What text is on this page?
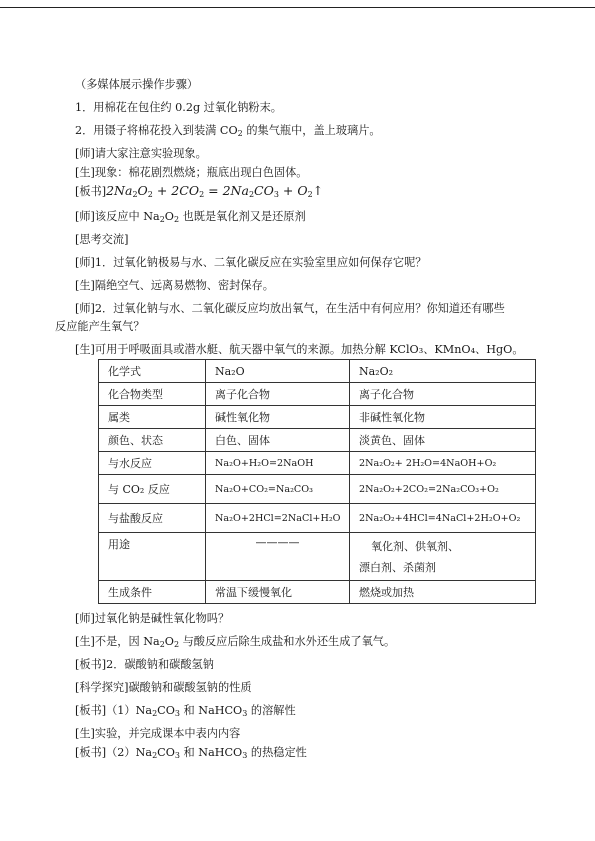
（多媒体展示操作步骤）
1．用棉花在包住约 0.2g 过氧化钠粉末。
2．用镊子将棉花投入到装满 $CO_2$ 的集气瓶中，盖上玻璃片。
[师]请大家注意实验现象。
[生]现象：棉花剧烈燃烧；瓶底出现白色固体。
[板书]$2Na_2O_2 + 2CO_2 = 2Na_2CO_3$ + $O_2↑$
[师]该反应中 $Na_2O_2$ 也既是氧化剂又是还原剂
[思考交流]
[师]1．过氧化钠极易与水、二氧化碳反应在实验室里应如何保存它呢？
[生]隔绝空气、远离易燃物、密封保存。
[师]2．过氧化钠与水、二氧化碳反应均放出氧气，在生活中有何应用？你知道还有哪些
反应能产生氧气？
[生]可用于呼吸面具或潜水艇、航天器中氧气的来源。加热分解 KClO₃、KMnO₄、HgO。
化学式	Na₂O	Na₂O₂
化合物类型	离子化合物	离子化合物
属类	碱性氧化物	非碱性氧化物
颜色、状态	白色、固体	淡黄色、固体
与水反应	Na₂O+H₂O=2NaOH	2Na₂O₂+ 2H₂O=4NaOH+O₂
与 CO₂ 反应	Na₂O+CO₂=Na₂CO₃	2Na₂O₂+2CO₂=2Na₂CO₃+O₂
与盐酸反应	Na₂O+2HCl=2NaCl+H₂O	2Na₂O₂+4HCl=4NaCl+2H₂O+O₂
用途	————	氧化剂、供氧剂、
漂白剂、杀菌剂

生成条件	常温下缓慢氧化	燃烧或加热
[师]过氧化钠是碱性氧化物吗？
[生]不是，因 $Na_2O_2$ 与酸反应后除生成盐和水外还生成了氧气。
[板书]2．碳酸钠和碳酸氢钠
[科学探究]碳酸钠和碳酸氢钠的性质
[板书]$(1)Na_2CO_3$ 和 NaHCO$_3$ 的溶解性
[生]实验，并完成课本中表内内容
[板书]$(2)Na_2CO_3$ 和 NaHCO$_3$ 的热稳定性
